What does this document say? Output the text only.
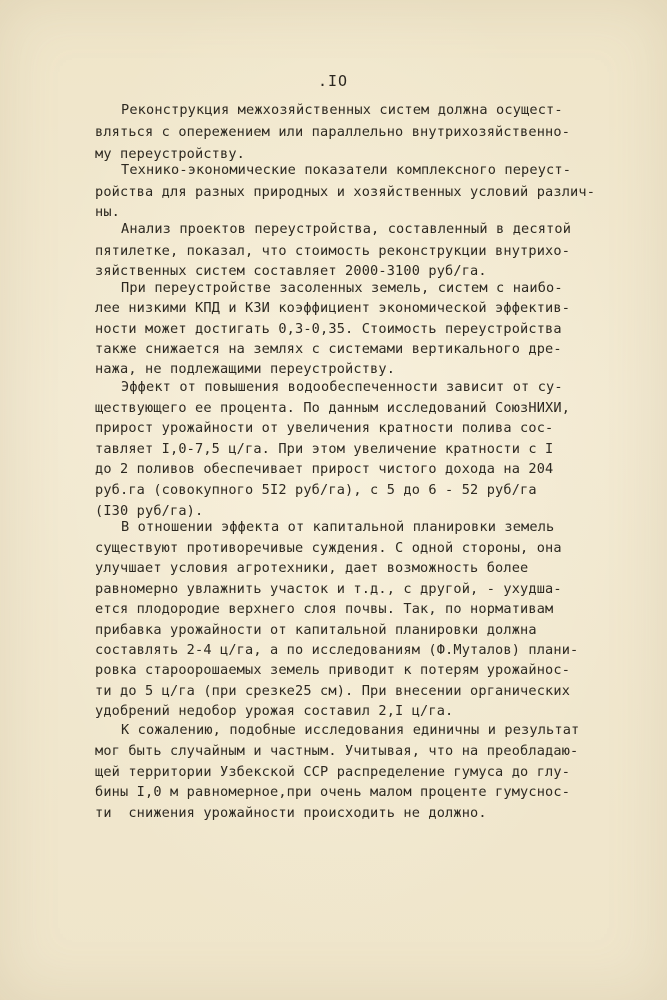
.IO
Реконструкция межхозяйственных систем должна осущест-
вляться с опережением или параллельно внутрихозяйственно-
му переустройству.
Технико-экономические показатели комплексного переуст-
ройства для разных природных и хозяйственных условий различ-
ны.
Анализ проектов переустройства, составленный в десятой
пятилетке, показал, что стоимость реконструкции внутрихо-
зяйственных систем составляет 2000-3100 руб/га.
При переустройстве засоленных земель, систем с наибо-
лее низкими КПД и КЗИ коэффициент экономической эффектив-
ности может достигать 0,3-0,35. Стоимость переустройства
также снижается на землях с системами вертикального дре-
нажа, не подлежащими переустройству.
Эффект от повышения водообеспеченности зависит от су-
ществующего ее процента. По данным исследований СоюзНИХИ,
прирост урожайности от увеличения кратности полива сос-
тавляет I,0-7,5 ц/га. При этом увеличение кратности с I
до 2 поливов обеспечивает прирост чистого дохода на 204
руб.га (совокупного 5I2 руб/га), с 5 до 6 - 52 руб/га
(I30 руб/га).
В отношении эффекта от капитальной планировки земель
существуют противоречивые суждения. С одной стороны, она
улучшает условия агротехники, дает возможность более
равномерно увлажнить участок и т.д., с другой, - ухудша-
ется плодородие верхнего слоя почвы. Так, по нормативам
прибавка урожайности от капитальной планировки должна
составлять 2-4 ц/га, а по исследованиям (Ф.Муталов) плани-
ровка староорошаемых земель приводит к потерям урожайнос-
ти до 5 ц/га (при срезке25 см). При внесении органических
удобрений недобор урожая составил 2,I ц/га.
К сожалению, подобные исследования единичны и результат
мог быть случайным и частным. Учитывая, что на преобладаю-
щей территории Узбекской ССР распределение гумуса до глу-
бины I,0 м равномерное,при очень малом проценте гумуснос-
ти  снижения урожайности происходить не должно.
